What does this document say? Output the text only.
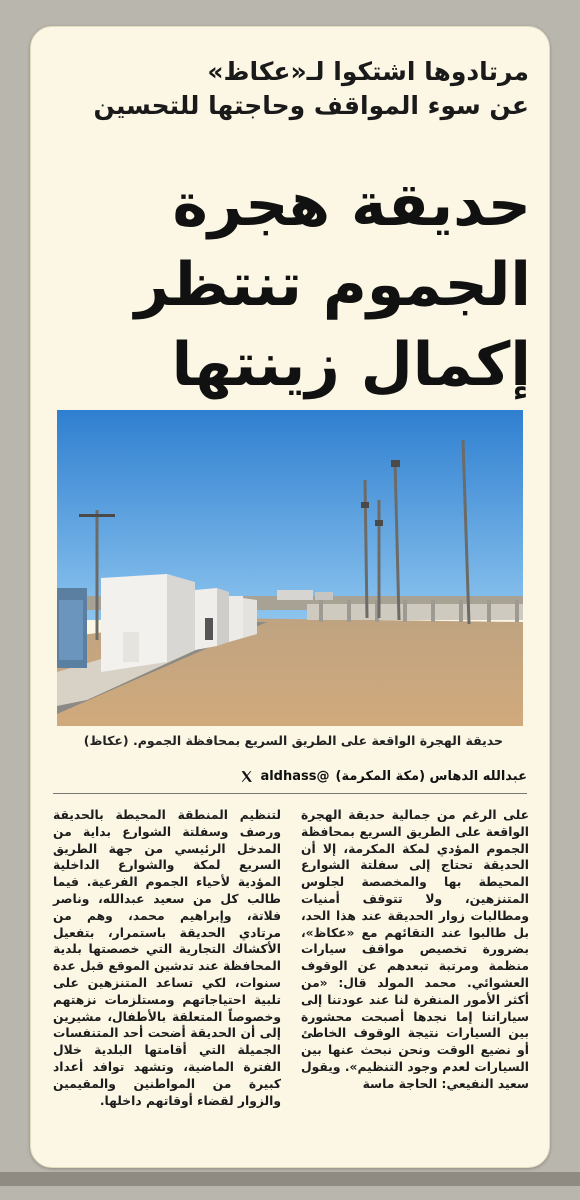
مرتادوها اشتكوا لـ«عكاظ»
عن سوء المواقف وحاجتها للتحسين
حديقة هجرة
الجموم تنتظر
إكمال زينتها
حديقة الهجرة الواقعة على الطريق السريع بمحافظة الجموم. (عكاظ)
عبدالله الدهاس (مكة المكرمة)
@aldhass

على الرغم من جمالية حديقة الهجرة الواقعة على الطريق السريع بمحافظة الجموم المؤدي لمكة المكرمة، إلا أن الحديقة تحتاج إلى سفلتة الشوارع المحيطة بها والمخصصة لجلوس المتنزهين، ولا تتوقف أمنيات ومطالبات زوار الحديقة عند هذا الحد، بل طالبوا عند التقائهم مع «عكاظ»، بضرورة تخصيص مواقف سيارات منظمة ومرتبة تبعدهم عن الوقوف العشوائي. محمد المولد قال: «من أكثر الأمور المنفرة لنا عند عودتنا إلى سياراتنا إما نجدها أصبحت محشورة بين السيارات نتيجة الوقوف الخاطئ أو نضيع الوقت ونحن نبحث عنها بين السيارات لعدم وجود التنظيم». ويقول سعيد النفيعي: الحاجة ماسة

لتنظيم المنطقة المحيطة بالحديقة ورصف وسفلتة الشوارع بداية من المدخل الرئيسي من جهة الطريق السريع لمكة والشوارع الداخلية المؤدية لأحياء الجموم الفرعية. فيما طالب كل من سعيد عبدالله، وناصر فلاتة، وإبراهيم محمد، وهم من مرتادي الحديقة باستمرار، بتفعيل الأكشاك التجارية التي خصصتها بلدية المحافظة عند تدشين الموقع قبل عدة سنوات، لكي تساعد المتنزهين على تلبية احتياجاتهم ومستلزمات نزهتهم وخصوصاً المتعلقة بالأطفال، مشيرين إلى أن الحديقة أضحت أحد المتنفسات الجميلة التي أقامتها البلدية خلال الفترة الماضية، وتشهد توافد أعداد كبيرة من المواطنين والمقيمين والزوار لقضاء أوقاتهم داخلها.
